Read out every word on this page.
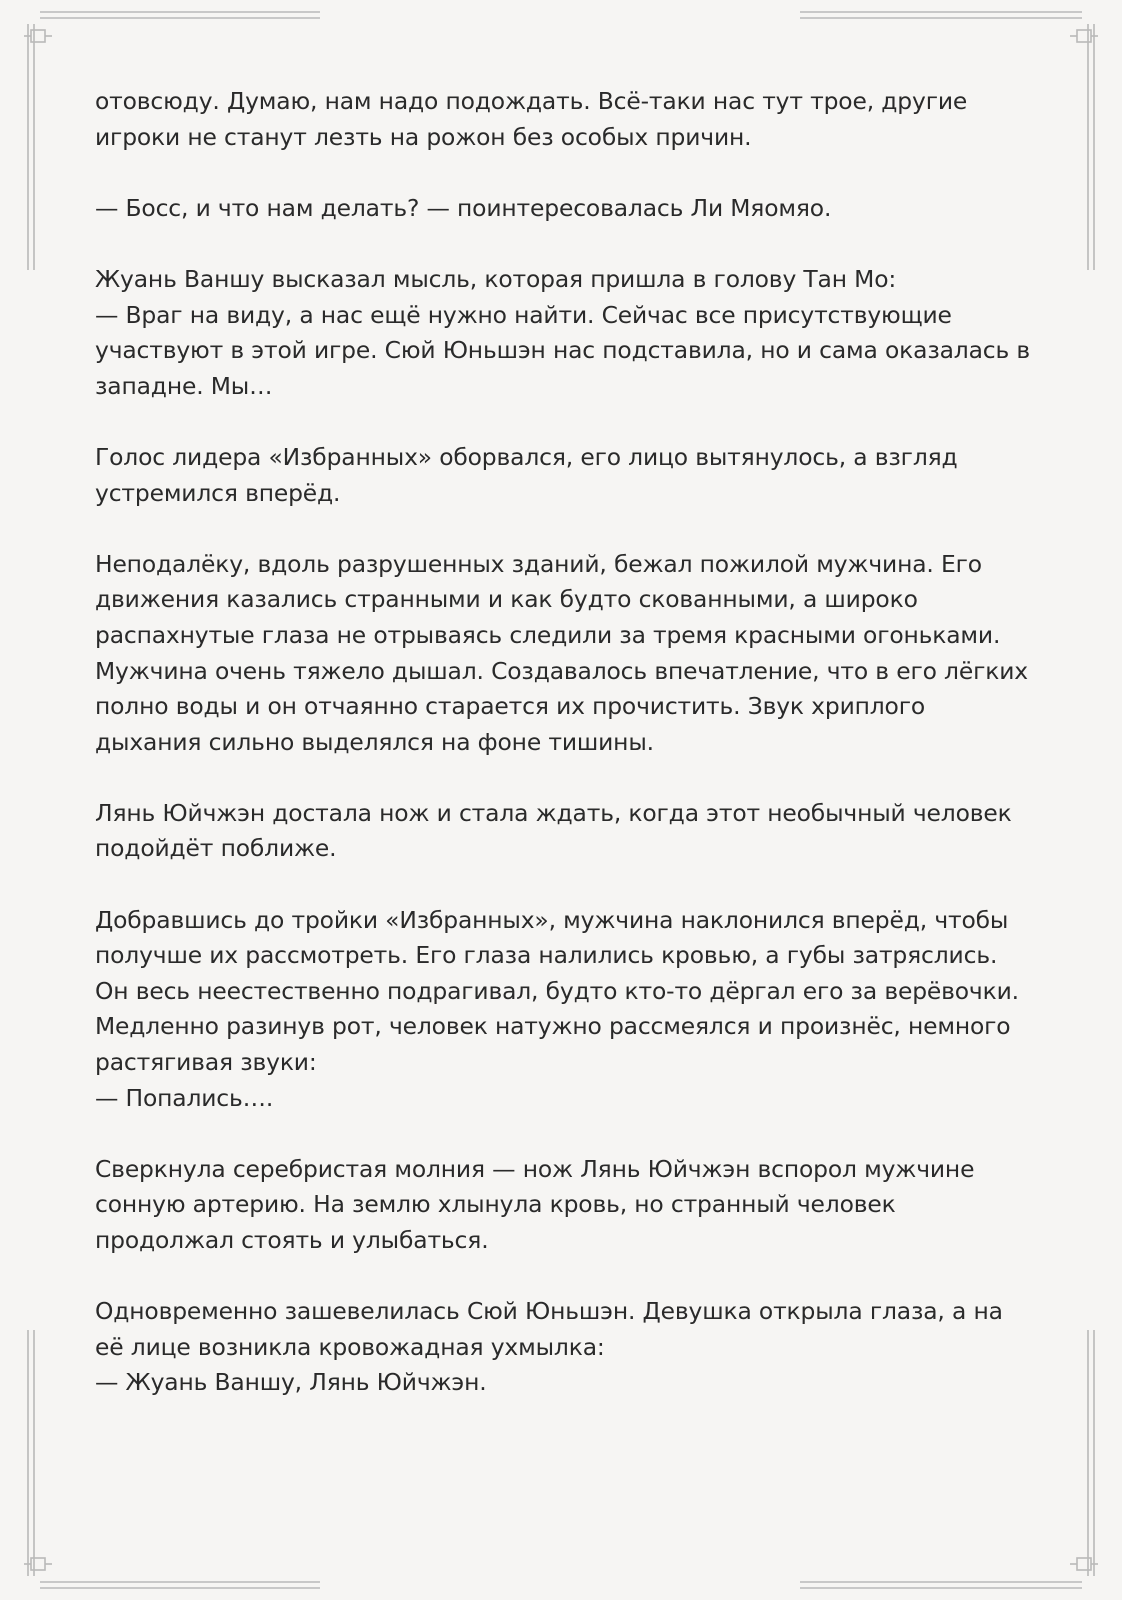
отовсюду. Думаю, нам надо подождать. Всё-таки нас тут трое, другие
игроки не станут лезть на рожон без особых причин.

— Босс, и что нам делать? — поинтересовалась Ли Мяомяо.

Жуань Ваншу высказал мысль, которая пришла в голову Тан Мо:
— Враг на виду, а нас ещё нужно найти. Сейчас все присутствующие
участвуют в этой игре. Сюй Юньшэн нас подставила, но и сама оказалась в
западне. Мы…

Голос лидера «Избранных» оборвался, его лицо вытянулось, а взгляд
устремился вперёд.

Неподалёку, вдоль разрушенных зданий, бежал пожилой мужчина. Его
движения казались странными и как будто скованными, а широко
распахнутые глаза не отрываясь следили за тремя красными огоньками.
Мужчина очень тяжело дышал. Создавалось впечатление, что в его лёгких
полно воды и он отчаянно старается их прочистить. Звук хриплого
дыхания сильно выделялся на фоне тишины.

Лянь Юйчжэн достала нож и стала ждать, когда этот необычный человек
подойдёт поближе.

Добравшись до тройки «Избранных», мужчина наклонился вперёд, чтобы
получше их рассмотреть. Его глаза налились кровью, а губы затряслись.
Он весь неестественно подрагивал, будто кто-то дёргал его за верёвочки.
Медленно разинув рот, человек натужно рассмеялся и произнёс, немного
растягивая звуки:
— Попались….

Сверкнула серебристая молния — нож Лянь Юйчжэн вспорол мужчине
сонную артерию. На землю хлынула кровь, но странный человек
продолжал стоять и улыбаться.

Одновременно зашевелилась Сюй Юньшэн. Девушка открыла глаза, а на
её лице возникла кровожадная ухмылка:
— Жуань Ваншу, Лянь Юйчжэн.
